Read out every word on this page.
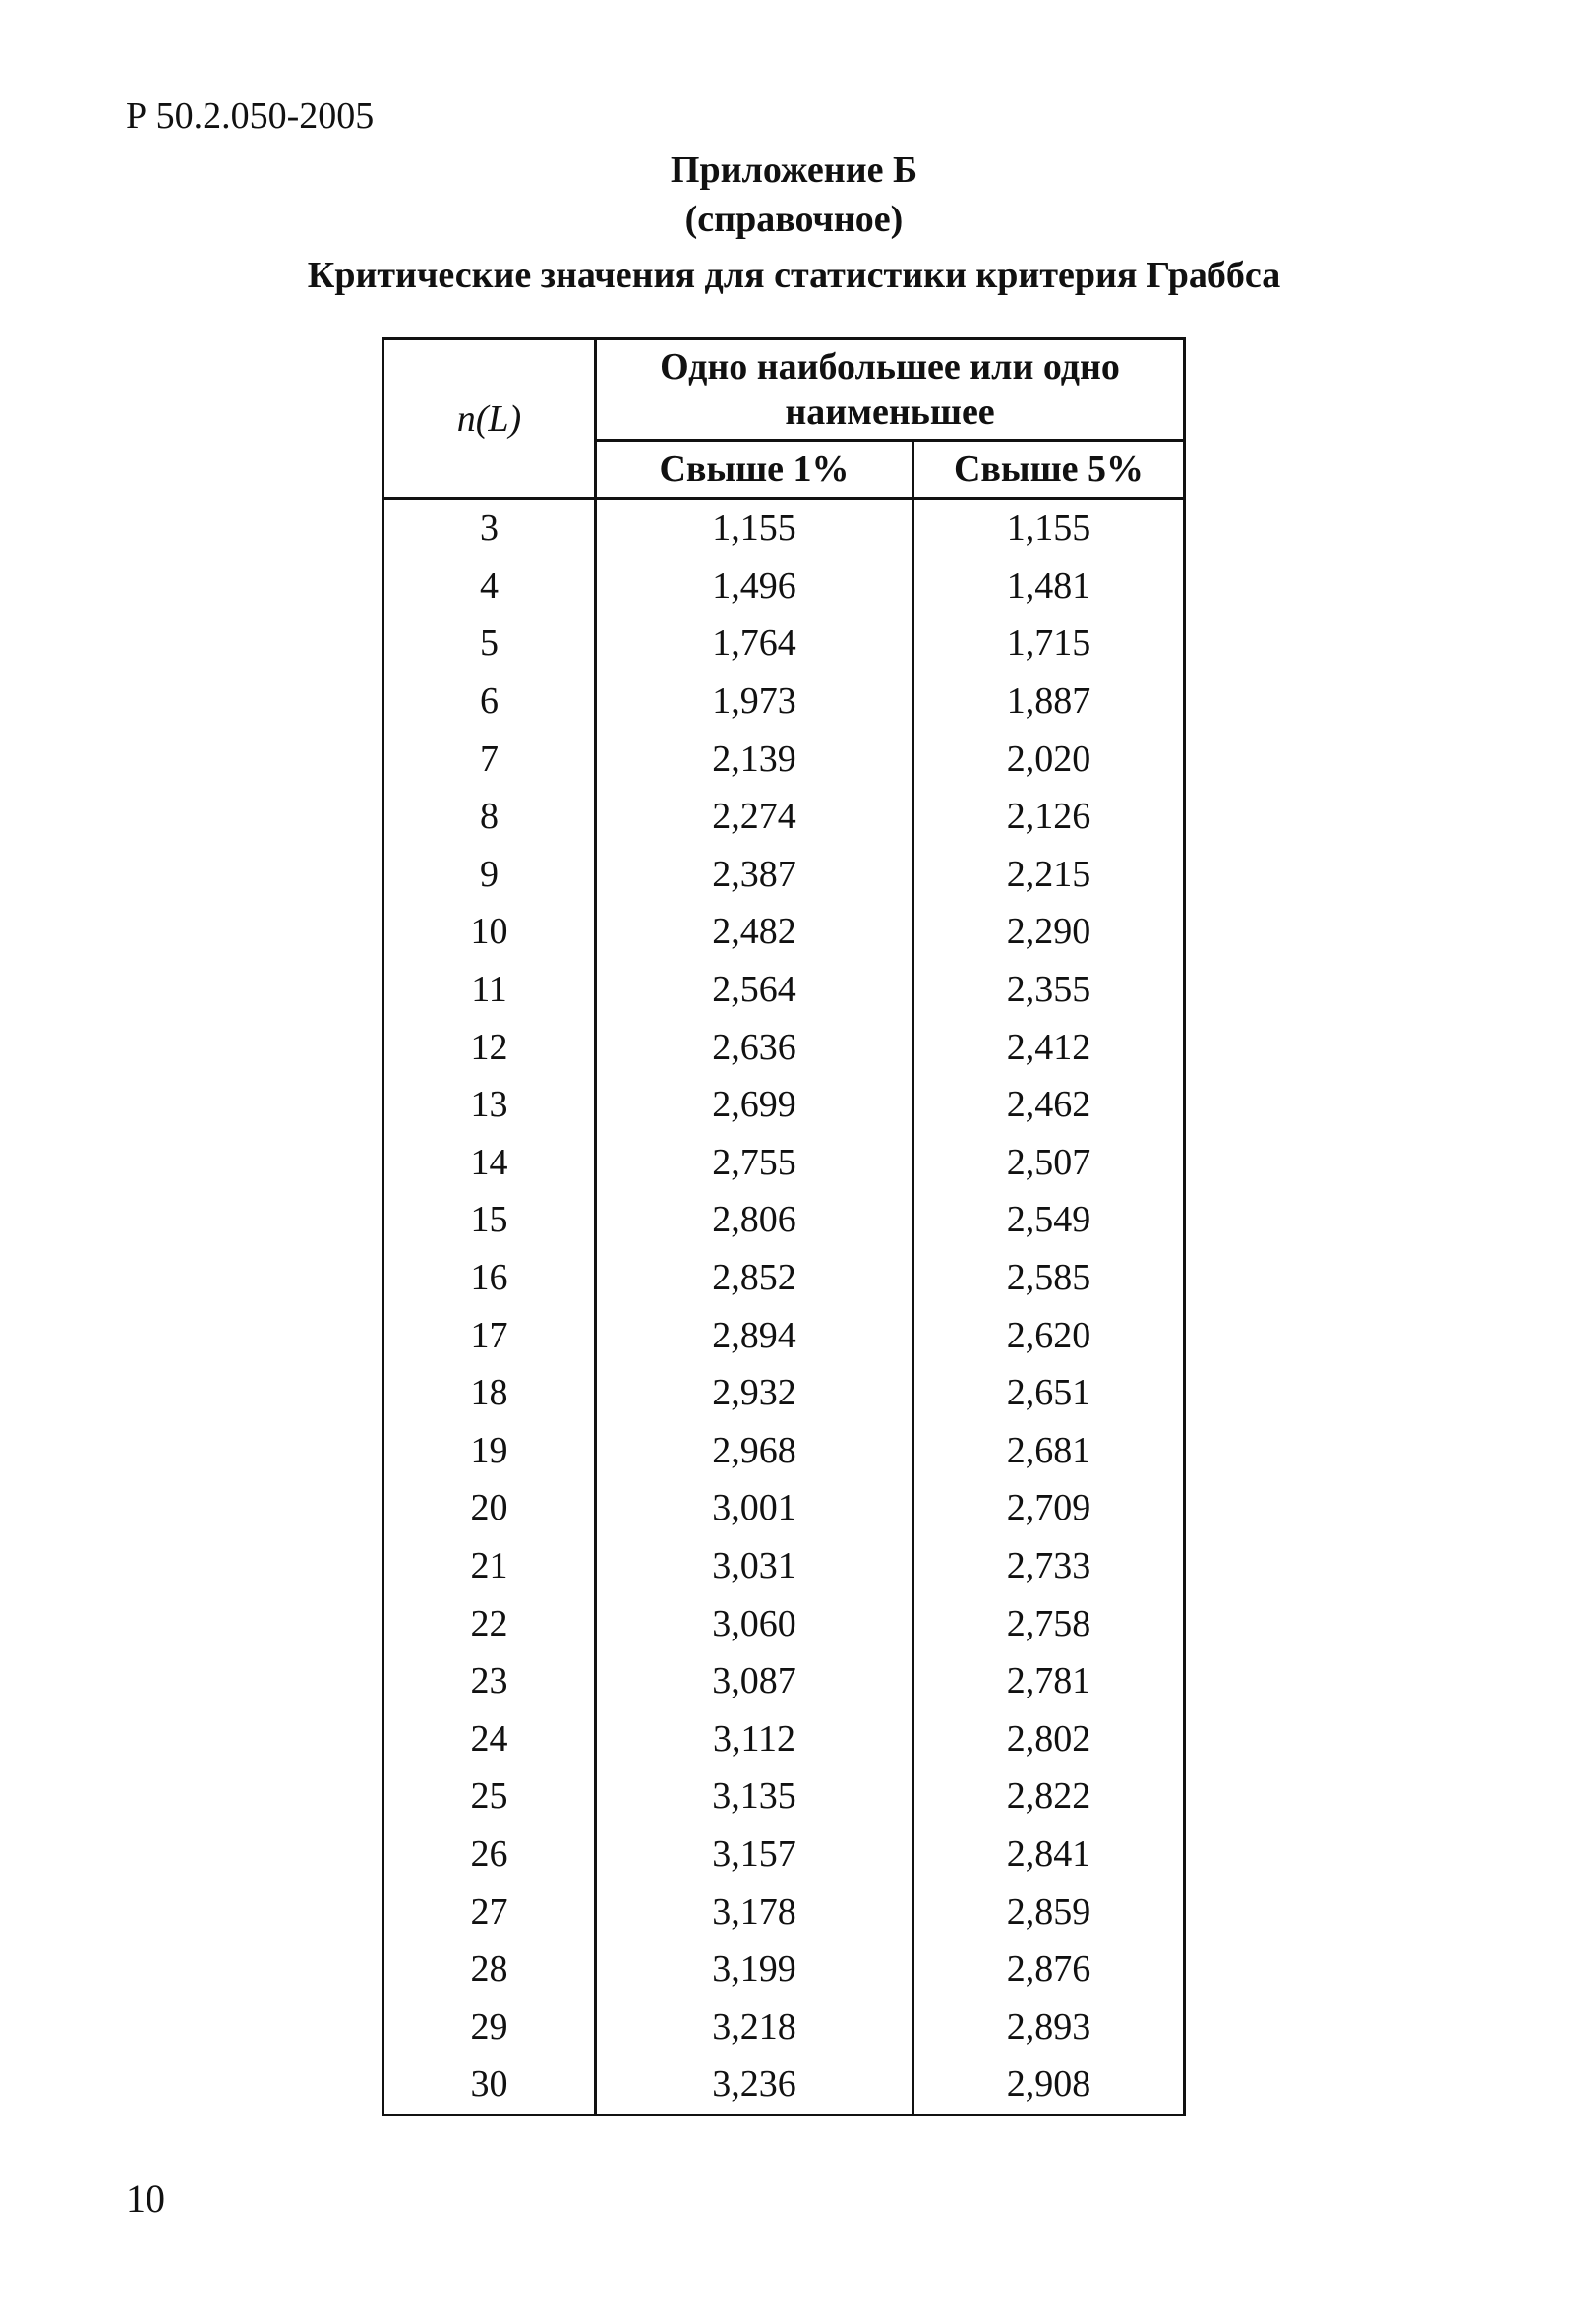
Р 50.2.050-2005
Приложение Б
(справочное)
Критические значения для статистики критерия Граббса
n(L)	Одно наибольшее или одно наименьшее	
	Свыше 1%	Свыше 5%
3	1,155	1,155
4	1,496	1,481
5	1,764	1,715
6	1,973	1,887
7	2,139	2,020
8	2,274	2,126
9	2,387	2,215
10	2,482	2,290
11	2,564	2,355
12	2,636	2,412
13	2,699	2,462
14	2,755	2,507
15	2,806	2,549
16	2,852	2,585
17	2,894	2,620
18	2,932	2,651
19	2,968	2,681
20	3,001	2,709
21	3,031	2,733
22	3,060	2,758
23	3,087	2,781
24	3,112	2,802
25	3,135	2,822
26	3,157	2,841
27	3,178	2,859
28	3,199	2,876
29	3,218	2,893
30	3,236	2,908
10
